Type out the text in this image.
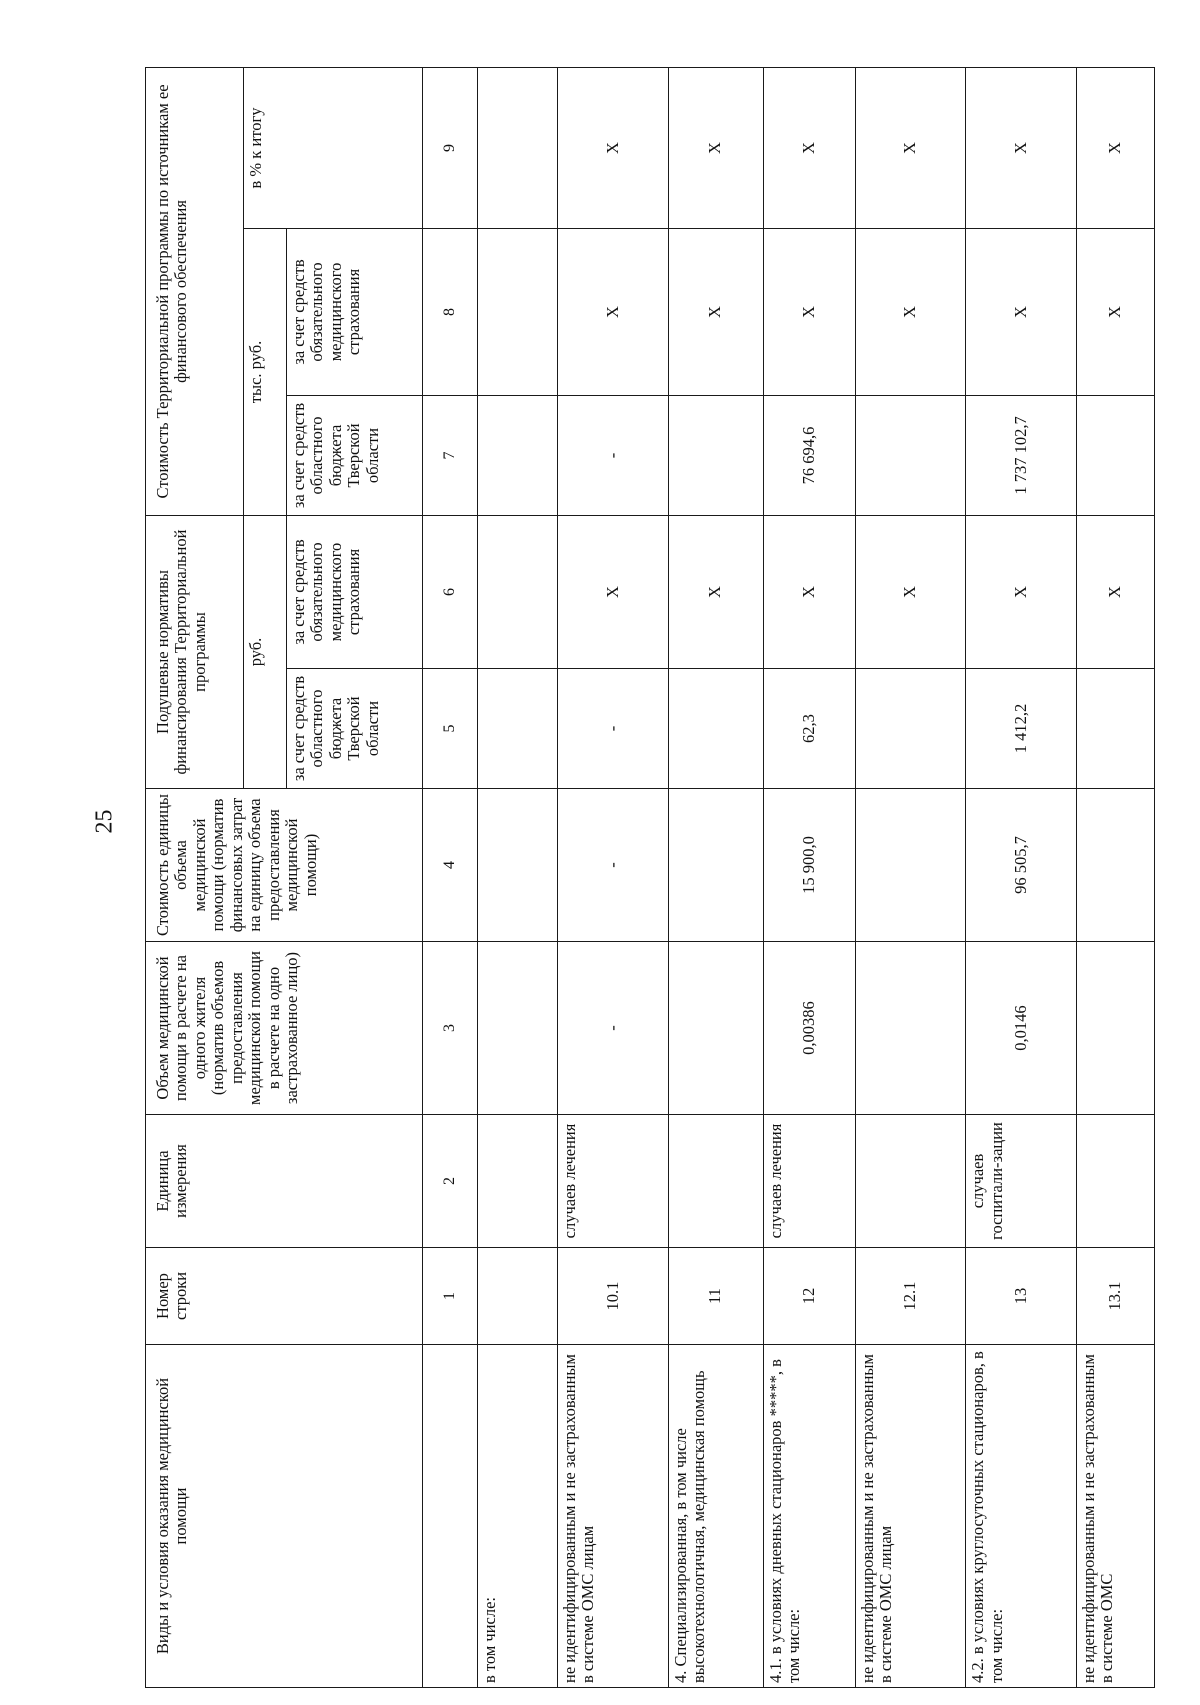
25
Виды и условия оказания медицинской помощи	Номер строки	Единица измерения	Объем медицинской помощи в расчете на одного жителя (норматив объемов предоставления медицинской помощи в расчете на одно застрахованное лицо)	Стоимость единицы объема медицинской помощи (норматив финансовых затрат на единицу объема предоставления медицинской помощи)	Подушевые нормативы финансирования Территориальной программы		Стоимость Территориальной программы по источникам ее финансового обеспечения		
					руб.		тыс. руб.		в % к итогу
					за счет средств областного бюджета Тверской области	за счет средств обязательного медицинского страхования	за счет средств областного бюджета Тверской области	за счет средств обязательного медицинского страхования	
	1	2	3	4	5	6	7	8	9
в том числе:									
не идентифицированным и не застрахованным в системе ОМС лицам	10.1	случаев лечения	-	-	-	Х	-	Х	Х
4. Специализированная, в том числе высокотехнологичная, медицинская помощь	11					Х		Х	Х
4.1. в условиях дневных стационаров *****, в том числе:	12	случаев лечения	0,00386	15 900,0	62,3	Х	76 694,6	Х	Х
не идентифицированным и не застрахованным в системе ОМС лицам	12.1					Х		Х	Х
4.2. в условиях круглосуточных стационаров, в том числе:	13	случаев госпитали-зации	0,0146	96 505,7	1 412,2	Х	1 737 102,7	Х	Х
не идентифицированным и не застрахованным в системе ОМС	13.1					Х		Х	Х
